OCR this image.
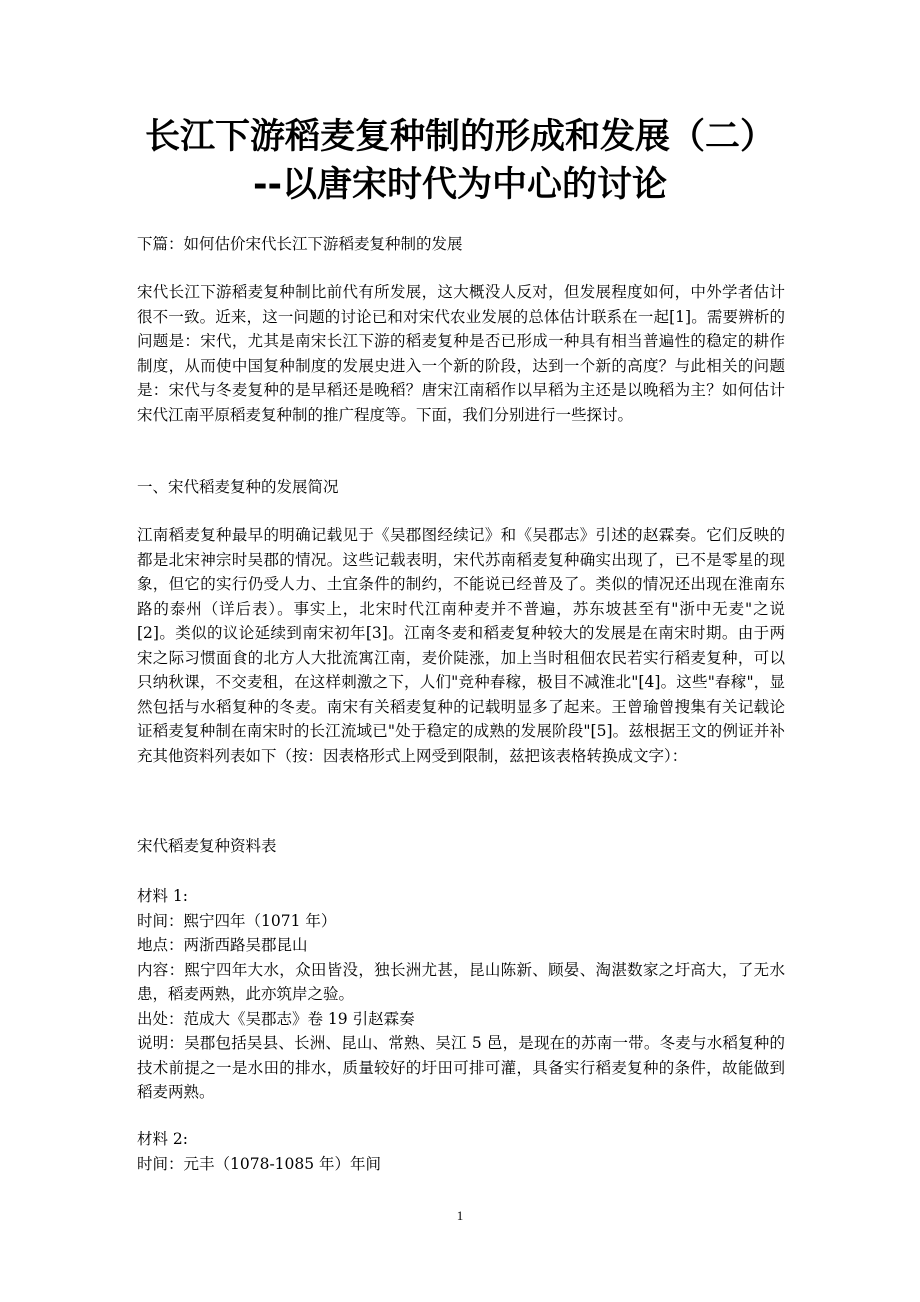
长江下游稻麦复种制的形成和发展（二）
--以唐宋时代为中心的讨论

下篇：如何估价宋代长江下游稻麦复种制的发展

宋代长江下游稻麦复种制比前代有所发展，这大概没人反对，但发展程度如何，中外学者估计很不一致。近来，这一问题的讨论已和对宋代农业发展的总体估计联系在一起[1]。需要辨析的问题是：宋代，尤其是南宋长江下游的稻麦复种是否已形成一种具有相当普遍性的稳定的耕作制度，从而使中国复种制度的发展史进入一个新的阶段，达到一个新的高度？与此相关的问题是：宋代与冬麦复种的是早稻还是晚稻？唐宋江南稻作以早稻为主还是以晚稻为主？如何估计宋代江南平原稻麦复种制的推广程度等。下面，我们分别进行一些探讨。

一、宋代稻麦复种的发展简况

江南稻麦复种最早的明确记载见于《吴郡图经续记》和《吴郡志》引述的赵霖奏。它们反映的都是北宋神宗时吴郡的情况。这些记载表明，宋代苏南稻麦复种确实出现了，已不是零星的现象，但它的实行仍受人力、土宜条件的制约，不能说已经普及了。类似的情况还出现在淮南东路的泰州（详后表）。事实上，北宋时代江南种麦并不普遍，苏东坡甚至有"浙中无麦"之说[2]。类似的议论延续到南宋初年[3]。江南冬麦和稻麦复种较大的发展是在南宋时期。由于两宋之际习惯面食的北方人大批流寓江南，麦价陡涨，加上当时租佃农民若实行稻麦复种，可以只纳秋课，不交麦租，在这样刺激之下，人们"竞种春稼，极目不减淮北"[4]。这些"春稼"，显然包括与水稻复种的冬麦。南宋有关稻麦复种的记载明显多了起来。王曾瑜曾搜集有关记载论证稻麦复种制在南宋时的长江流域已"处于稳定的成熟的发展阶段"[5]。兹根据王文的例证并补充其他资料列表如下（按：因表格形式上网受到限制，兹把该表格转换成文字）：

宋代稻麦复种资料表

材料 1:

时间：熙宁四年（1071 年）

地点：两浙西路吴郡昆山

内容：熙宁四年大水，众田皆没，独长洲尤甚，昆山陈新、顾晏、淘湛数家之圩高大，了无水患，稻麦两熟，此亦筑岸之验。

出处：范成大《吴郡志》卷 19 引赵霖奏

说明：吴郡包括吴县、长洲、昆山、常熟、吴江 5 邑，是现在的苏南一带。冬麦与水稻复种的技术前提之一是水田的排水，质量较好的圩田可排可灌，具备实行稻麦复种的条件，故能做到稻麦两熟。

材料 2:

时间：元丰（1078-1085 年）年间

1
